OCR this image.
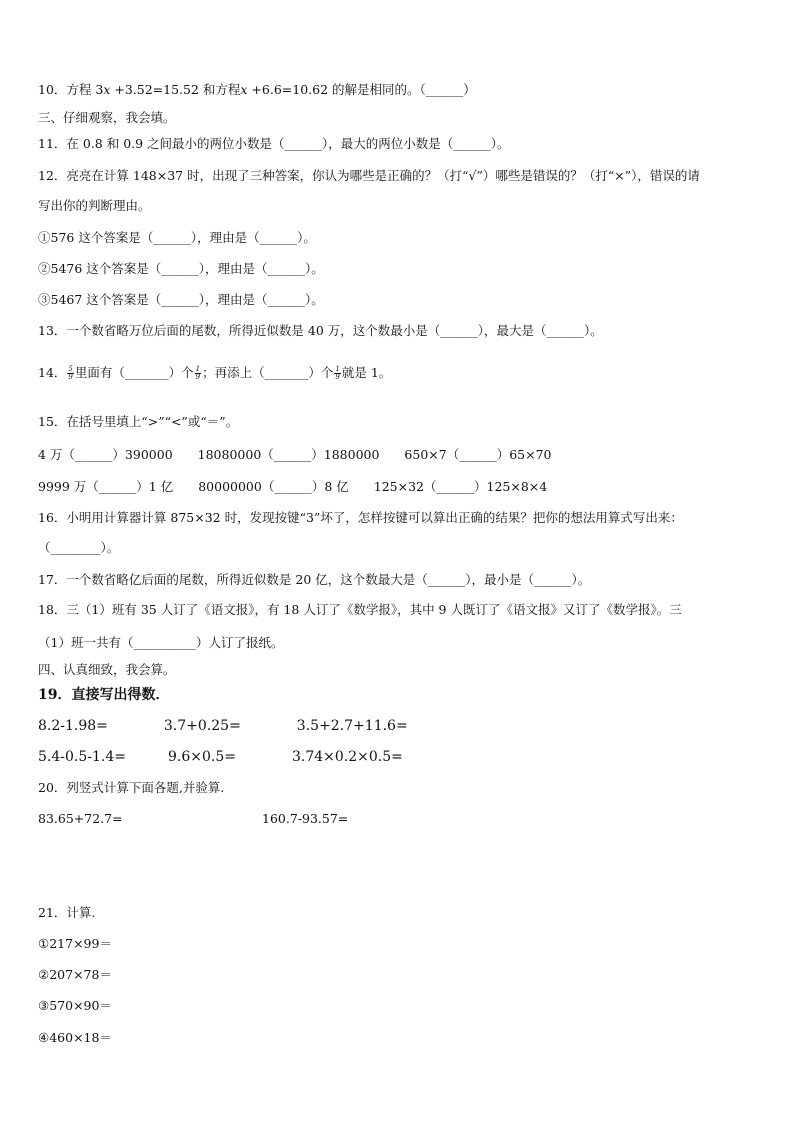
10．方程 3𝑥 +3.52=15.52 和方程𝑥 +6.6=10.62 的解是相同的。（______）
三、仔细观察，我会填。
11．在 0.8 和 0.9 之间最小的两位小数是（______），最大的两位小数是（______）。
12．亮亮在计算 148×37 时，出现了三种答案，你认为哪些是正确的？（打“√”）哪些是错误的？（打“×”），错误的请
写出你的判断理由。
①576 这个答案是（______），理由是（______）。
②5476 这个答案是（______），理由是（______）。
③5467 这个答案是（______），理由是（______）。
13．一个数省略万位后面的尾数，所得近似数是 40 万，这个数最小是（______），最大是（______）。
14． $\frac{5}{9}$ 里面有（_______）个 $\frac{1}{9}$ ；再添上（_______）个 $\frac{1}{9}$ 就是 1。
15．在括号里填上“>”“<”或“＝”。
4 万（______）390000　　18080000（______）1880000　　650×7（______）65×70
9999 万（______）1 亿　　80000000（______）8 亿　　125×32（______）125×8×4
16．小明用计算器计算 875×32 时，发现按键“3”坏了，怎样按键可以算出正确的结果？把你的想法用算式写出来：
（________）。
17．一个数省略亿后面的尾数，所得近似数是 20 亿，这个数最大是（______），最小是（______）。
18．三（1）班有 35 人订了《语文报》，有 18 人订了《数学报》，其中 9 人既订了《语文报》又订了《数学报》。三
（1）班一共有（__________）人订了报纸。
四、认真细致，我会算。
19．直接写出得数．
8.2-1.98=　　　　3.7+0.25=　　　　3.5+2.7+11.6=
5.4-0.5-1.4=　　　9.6×0.5=　　　　3.74×0.2×0.5=
20．列竖式计算下面各题,并验算.
83.65+72.7=	160.7-93.57=
21．计算.
①217×99＝
②207×78＝
③570×90＝
④460×18＝
